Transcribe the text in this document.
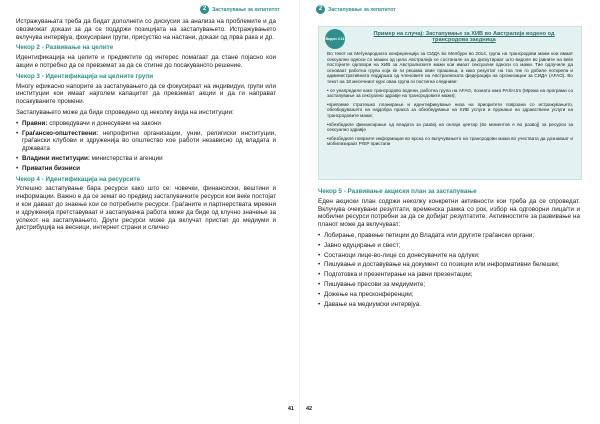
2	Застапување за хепатитот

Истражувањата треба да бидат дополнети со дискусии за анализа на проблемите и да овозможат докази за да се поддржи позицијата на застапувањето. Истражувањето вклучува интервјуа, фокусирани групи, присуство на настани, докази од прва рака и др.

Чекор 2 - Развивање на целите

Идентификација на целите и предметите од интерес помагаат да стане појасно кои акции е потребно да се превземат за да се стигне до посакуваното решение.

Чекор 3 - Идентификација на целните групи

Многу ефикасно напорите за застапувањето да се фокусираат на индивидуи, групи или институции кои имаат најголем капацитет да превземат акции и да ги направат посакуваните промени.

Застапувањето може да биде спроведено од неколку вида на институции:

• Правни: спроведувачи и донесувачи на закони
• Граѓанско-општествени: непрофитни организации, унии, религиски институции, граѓански клубови и здружениja во општество кое работи независно од владата и државата
• Владини институции: министерства и агенции
• Приватни бизниси
Чекор 4 - Идентификација на ресурсите

Успешно застапување бара ресурси како што се: човечки, финансиски, вештини и информации. Важно е да се земат во предвид застапувачките ресурси кои веќе постојат и кои даваат до знаење кои се потребните ресурси. Граѓаните и партнерствата мрежни и здруженија претставуваат и застапувачка работа може да биде од клучно значење за успехот на застапувањето. Други ресурси може да вклучат пристап до медиуми и дистрибуција на весници, интернет страни и слично

41
2	Застапување за хепатитот
Водич 3.11
Пример на случај: Застапување за ХИВ во Австралија водено од трансродова заедница

Во текот на Меѓународната конференција за СИДА во Мелбурн во 2014, група на трансродови мажи кои имаат сексуални односи со машки од цела Австралија се состанале за да дискутираат што видоле во јавните на веќе постојните одговори на ХИВ за Австралиските мажи кои имаат сексуални односи со мажи. Тие одлучиле да основаат работна група која ќе ги решава овие прашања, а како резултат на тоа тие го добиле поткрепа и административната поддршка од членовите на Австралиската федерација на организации за СИДА (AFAO). Во текот на 18 месечниот курс оваа група ги постигна следниве:

• се унапредиле како трансродово водени, работна група на AFAO, позната како PASH.tm (Мрежа на програми со застапување за сексуално здравје на трансродовите мажи);

•превземе стратешко планирање и идентификување низа на приоритети поврзани со истражувањето, обезбедувањето на најдобра пракса за обезбедување на ХИВ услуги и пружање на здравствени услуги на трансродовите мажи;

•обезбедиле финансирање од владата за развој на онлајн центар (во моментов е во развој) за ресурси за сексуално здравје

•обезбедиле поврзите информации во врска со вклучувањето на трансродови мажи во учествата да дознаваат и мобилизираат PrEP пристапи

Чекор 5 - Развивање акциски план за застапување

Еден акциски план содржи неколку конкретни активности кои треба да се спроведат. Вклучува очекувани резултати, временска рамка со рок, избор на одговорни лица/ти и мобилни ресурси потребни за да се добијат резултатите. Активностите за развивање на планот може да вклучуваат:

• Лобирање, правење петиции до Владата или другите граѓански органи;
• Јавно едуцирање и свест;
• Состаноци лице-во-лице со донесувачите на одлуки;
• Пишување и доставување на документ со позиции или информативни белешки;
• Подготовка и презентирање на јавни презентации;
• Пишување пресови за медиумите;
• Дожење на пресконференции;
• Давање на медиумски интервјуа.
42
